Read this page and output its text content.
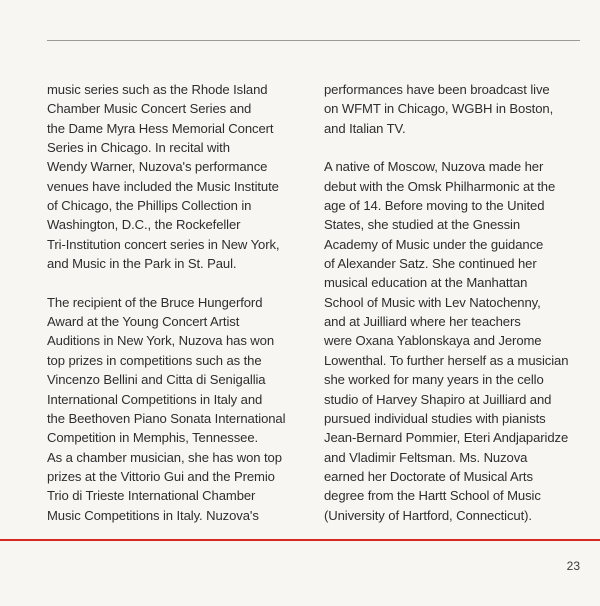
music series such as the Rhode Island
Chamber Music Concert Series and
the Dame Myra Hess Memorial Concert
Series in Chicago. In recital with
Wendy Warner, Nuzova's performance
venues have included the Music Institute
of Chicago, the Phillips Collection in
Washington, D.C., the Rockefeller
Tri-Institution concert series in New York,
and Music in the Park in St. Paul.

The recipient of the Bruce Hungerford
Award at the Young Concert Artist
Auditions in New York, Nuzova has won
top prizes in competitions such as the
Vincenzo Bellini and Citta di Senigallia
International Competitions in Italy and
the Beethoven Piano Sonata International
Competition in Memphis, Tennessee.
As a chamber musician, she has won top
prizes at the Vittorio Gui and the Premio
Trio di Trieste International Chamber
Music Competitions in Italy. Nuzova's

performances have been broadcast live
on WFMT in Chicago, WGBH in Boston,
and Italian TV.

A native of Moscow, Nuzova made her
debut with the Omsk Philharmonic at the
age of 14. Before moving to the United
States, she studied at the Gnessin
Academy of Music under the guidance
of Alexander Satz. She continued her
musical education at the Manhattan
School of Music with Lev Natochenny,
and at Juilliard where her teachers
were Oxana Yablonskaya and Jerome
Lowenthal. To further herself as a musician
she worked for many years in the cello
studio of Harvey Shapiro at Juilliard and
pursued individual studies with pianists
Jean-Bernard Pommier, Eteri Andjaparidze
and Vladimir Feltsman. Ms. Nuzova
earned her Doctorate of Musical Arts
degree from the Hartt School of Music
(University of Hartford, Connecticut).

23
